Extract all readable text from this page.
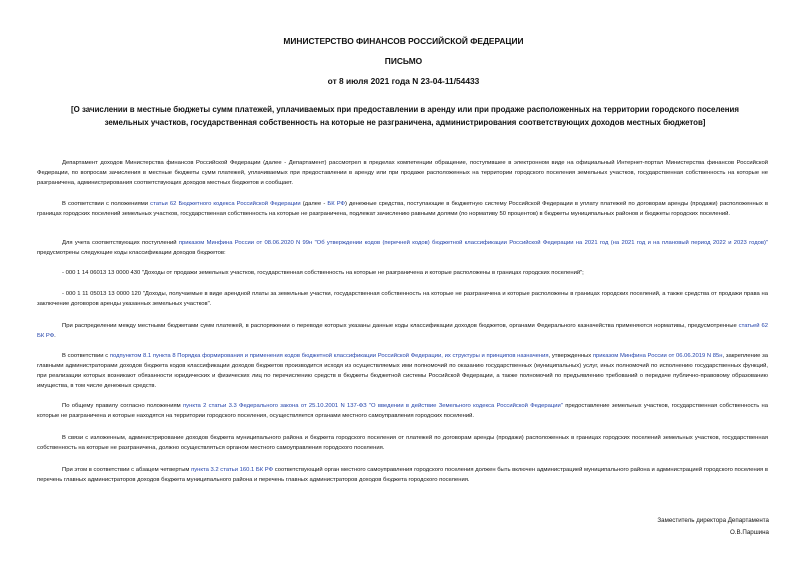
МИНИСТЕРСТВО ФИНАНСОВ РОССИЙСКОЙ ФЕДЕРАЦИИ
ПИСЬМО
от 8 июля 2021 года N 23-04-11/54433
[О зачислении в местные бюджеты сумм платежей, уплачиваемых при предоставлении в аренду или при продаже расположенных на территории городского поселения земельных участков, государственная собственность на которые не разграничена, администрирования соответствующих доходов местных бюджетов]

Департамент доходов Министерства финансов Российской Федерации (далее - Департамент) рассмотрел в пределах компетенции обращение, поступившее в электронном виде на официальный Интернет-портал Министерства финансов Российской Федерации, по вопросам зачисления в местные бюджеты сумм платежей, уплачиваемых при предоставлении в аренду или при продаже расположенных на территории городского поселения земельных участков, государственная собственность на которые не разграничена, администрирования соответствующих доходов местных бюджетов и сообщает.

В соответствии с положениями статьи 62 Бюджетного кодекса Российской Федерации (далее - БК РФ) денежные средства, поступающие в бюджетную систему Российской Федерации в уплату платежей по договорам аренды (продажи) расположенных в границах городских поселений земельных участков, государственная собственность на которые не разграничена, подлежат зачислению равными долями (по нормативу 50 процентов) в бюджеты муниципальных районов и бюджеты городских поселений.

Для учета соответствующих поступлений приказом Минфина России от 08.06.2020 N 99н "Об утверждении кодов (перечней кодов) бюджетной классификации Российской Федерации на 2021 год (на 2021 год и на плановый период 2022 и 2023 годов)" предусмотрены следующие коды классификации доходов бюджетов:

- 000 1 14 06013 13 0000 430 "Доходы от продажи земельных участков, государственная собственность на которые не разграничена и которые расположены в границах городских поселений";

- 000 1 11 05013 13 0000 120 "Доходы, получаемые в виде арендной платы за земельные участки, государственная собственность на которые не разграничена и которые расположены в границах городских поселений, а также средства от продажи права на заключение договоров аренды указанных земельных участков".

При распределении между местными бюджетами сумм платежей, в распоряжении о переводе которых указаны данные коды классификации доходов бюджетов, органами Федерального казначейства применяются нормативы, предусмотренные статьей 62 БК РФ.

В соответствии с подпунктом 8.1 пункта 8 Порядка формирования и применения кодов бюджетной классификации Российской Федерации, их структуры и принципов назначения, утвержденных приказом Минфина России от 06.06.2019 N 85н, закрепление за главными администраторами доходов бюджета кодов классификации доходов бюджетов производится исходя из осуществляемых ими полномочий по оказанию государственных (муниципальных) услуг, иных полномочий по исполнению государственных функций, при реализации которых возникают обязанности юридических и физических лиц по перечислению средств в бюджеты бюджетной системы Российской Федерации, а также полномочий по предъявлению требований о передаче публично-правовому образованию имущества, в том числе денежных средств.

По общему правилу согласно положениям пункта 2 статьи 3.3 Федерального закона от 25.10.2001 N 137-ФЗ "О введении в действие Земельного кодекса Российской Федерации" предоставление земельных участков, государственная собственность на которые не разграничена и которые находятся на территории городского поселения, осуществляется органами местного самоуправления городских поселений.

В связи с изложенным, администрирование доходов бюджета муниципального района и бюджета городского поселения от платежей по договорам аренды (продажи) расположенных в границах городских поселений земельных участков, государственная собственность на которые не разграничена, должно осуществляться органом местного самоуправления городского поселения.

При этом в соответствии с абзацем четвертым пункта 3.2 статьи 160.1 БК РФ соответствующий орган местного самоуправления городского поселения должен быть включен администрацией муниципального района и администрацией городского поселения в перечень главных администраторов доходов бюджета муниципального района и перечень главных администраторов доходов бюджета городского поселения.

Заместитель директора Департамента
О.В.Паршина
